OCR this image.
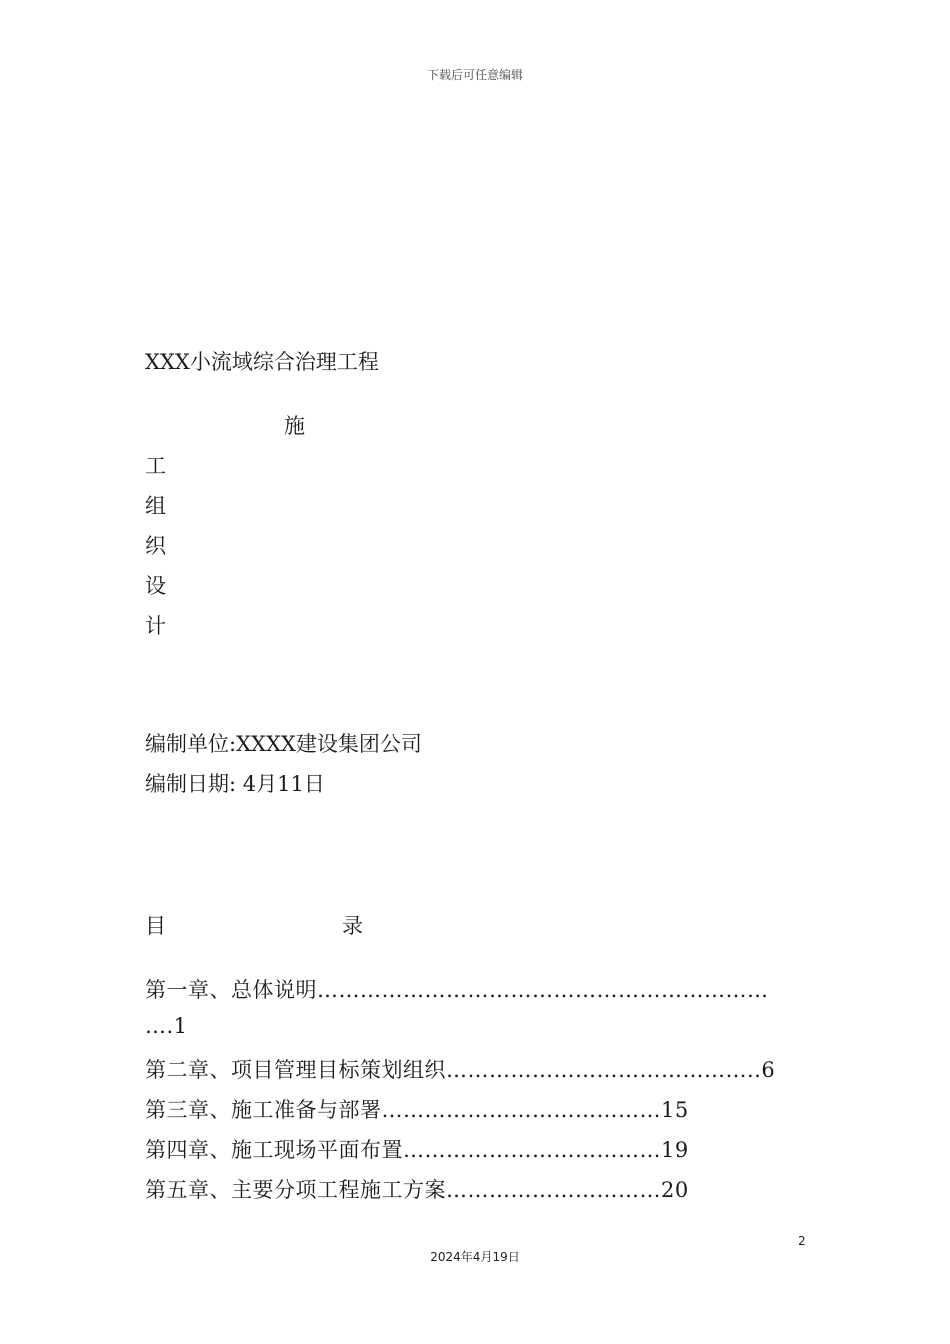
下载后可任意编辑
XXX小流域综合治理工程
施
工
组
织
设
计
编制单位:XXXX建设集团公司
编制日期: 4月11日
目	录
第一章、总体说明………………………………………………………
….1
第二章、项目管理目标策划组织……………………………………..6
第三章、施工准备与部署…………………………………15
第四章、施工现场平面布置………………………………19
第五章、主要分项工程施工方案…………………………20
2
2024年4月19日
